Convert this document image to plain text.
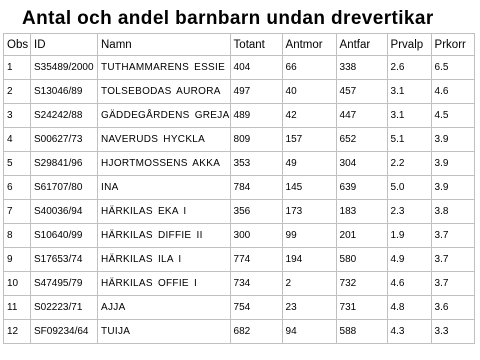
Antal och andel barnbarn undan drevertikar
Obs	ID	Namn	Totant	Antmor	Antfar	Prvalp	Prkorr
1	S35489/2000	TUTHAMMARENS ESSIE	404	66	338	2.6	6.5
2	S13046/89	TOLSEBODAS AURORA	497	40	457	3.1	4.6
3	S24242/88	GÄDDEGÅRDENS GREJA	489	42	447	3.1	4.5
4	S00627/73	NAVERUDS HYCKLA	809	157	652	5.1	3.9
5	S29841/96	HJORTMOSSENS AKKA	353	49	304	2.2	3.9
6	S61707/80	INA	784	145	639	5.0	3.9
7	S40036/94	HÄRKILAS EKA I	356	173	183	2.3	3.8
8	S10640/99	HÄRKILAS DIFFIE II	300	99	201	1.9	3.7
9	S17653/74	HÄRKILAS ILA I	774	194	580	4.9	3.7
10	S47495/79	HÄRKILAS OFFIE I	734	2	732	4.6	3.7
11	S02223/71	AJJA	754	23	731	4.8	3.6
12	SF09234/64	TUIJA	682	94	588	4.3	3.3
